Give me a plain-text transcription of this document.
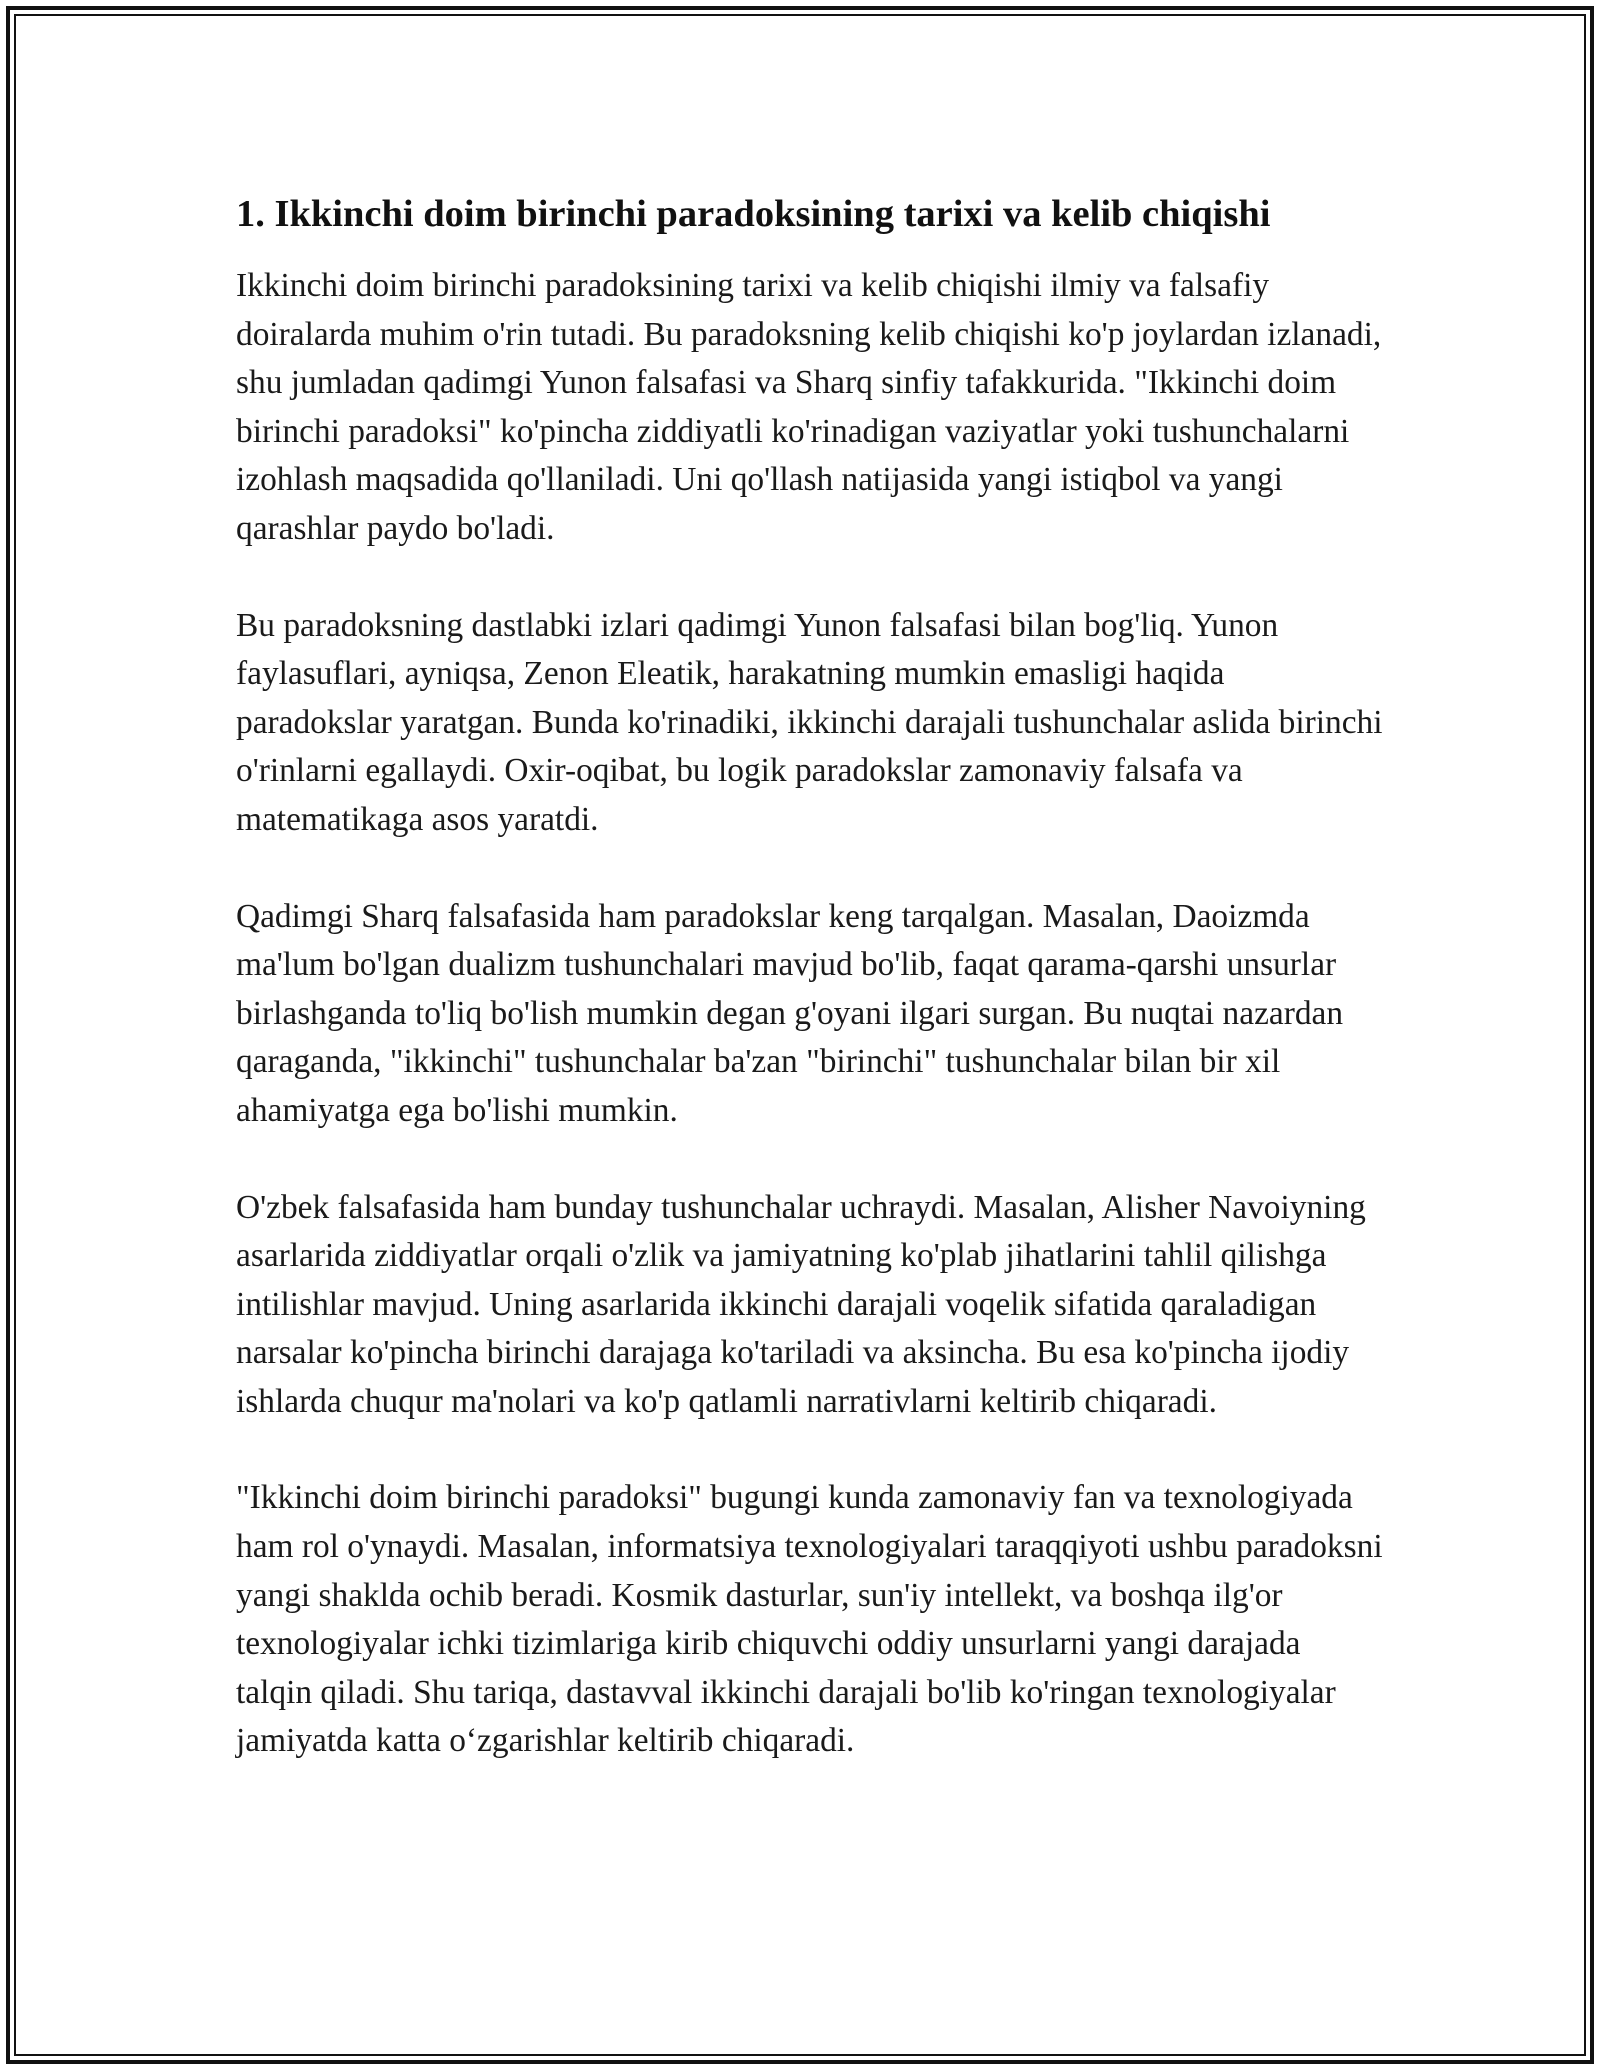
1. Ikkinchi doim birinchi paradoksining tarixi va kelib chiqishi

Ikkinchi doim birinchi paradoksining tarixi va kelib chiqishi ilmiy va falsafiy doiralarda muhim o'rin tutadi. Bu paradoksning kelib chiqishi ko'p joylardan izlanadi, shu jumladan qadimgi Yunon falsafasi va Sharq sinfiy tafakkurida. "Ikkinchi doim birinchi paradoksi" ko'pincha ziddiyatli ko'rinadigan vaziyatlar yoki tushunchalarni izohlash maqsadida qo'llaniladi. Uni qo'llash natijasida yangi istiqbol va yangi qarashlar paydo bo'ladi.

Bu paradoksning dastlabki izlari qadimgi Yunon falsafasi bilan bog'liq. Yunon faylasuflari, ayniqsa, Zenon Eleatik, harakatning mumkin emasligi haqida paradokslar yaratgan. Bunda ko'rinadiki, ikkinchi darajali tushunchalar aslida birinchi o'rinlarni egallaydi. Oxir-oqibat, bu logik paradokslar zamonaviy falsafa va matematikaga asos yaratdi.

Qadimgi Sharq falsafasida ham paradokslar keng tarqalgan. Masalan, Daoizmda ma'lum bo'lgan dualizm tushunchalari mavjud bo'lib, faqat qarama-qarshi unsurlar birlashganda to'liq bo'lish mumkin degan g'oyani ilgari surgan. Bu nuqtai nazardan qaraganda, "ikkinchi" tushunchalar ba'zan "birinchi" tushunchalar bilan bir xil ahamiyatga ega bo'lishi mumkin.

O'zbek falsafasida ham bunday tushunchalar uchraydi. Masalan, Alisher Navoiyning asarlarida ziddiyatlar orqali o'zlik va jamiyatning ko'plab jihatlarini tahlil qilishga intilishlar mavjud. Uning asarlarida ikkinchi darajali voqelik sifatida qaraladigan narsalar ko'pincha birinchi darajaga ko'tariladi va aksincha. Bu esa ko'pincha ijodiy ishlarda chuqur ma'nolari va ko'p qatlamli narrativlarni keltirib chiqaradi.

"Ikkinchi doim birinchi paradoksi" bugungi kunda zamonaviy fan va texnologiyada ham rol o'ynaydi. Masalan, informatsiya texnologiyalari taraqqiyoti ushbu paradoksni yangi shaklda ochib beradi. Kosmik dasturlar, sun'iy intellekt, va boshqa ilg'or texnologiyalar ichki tizimlariga kirib chiquvchi oddiy unsurlarni yangi darajada talqin qiladi. Shu tariqa, dastavval ikkinchi darajali bo'lib ko'ringan texnologiyalar jamiyatda katta o‘zgarishlar keltirib chiqaradi.
